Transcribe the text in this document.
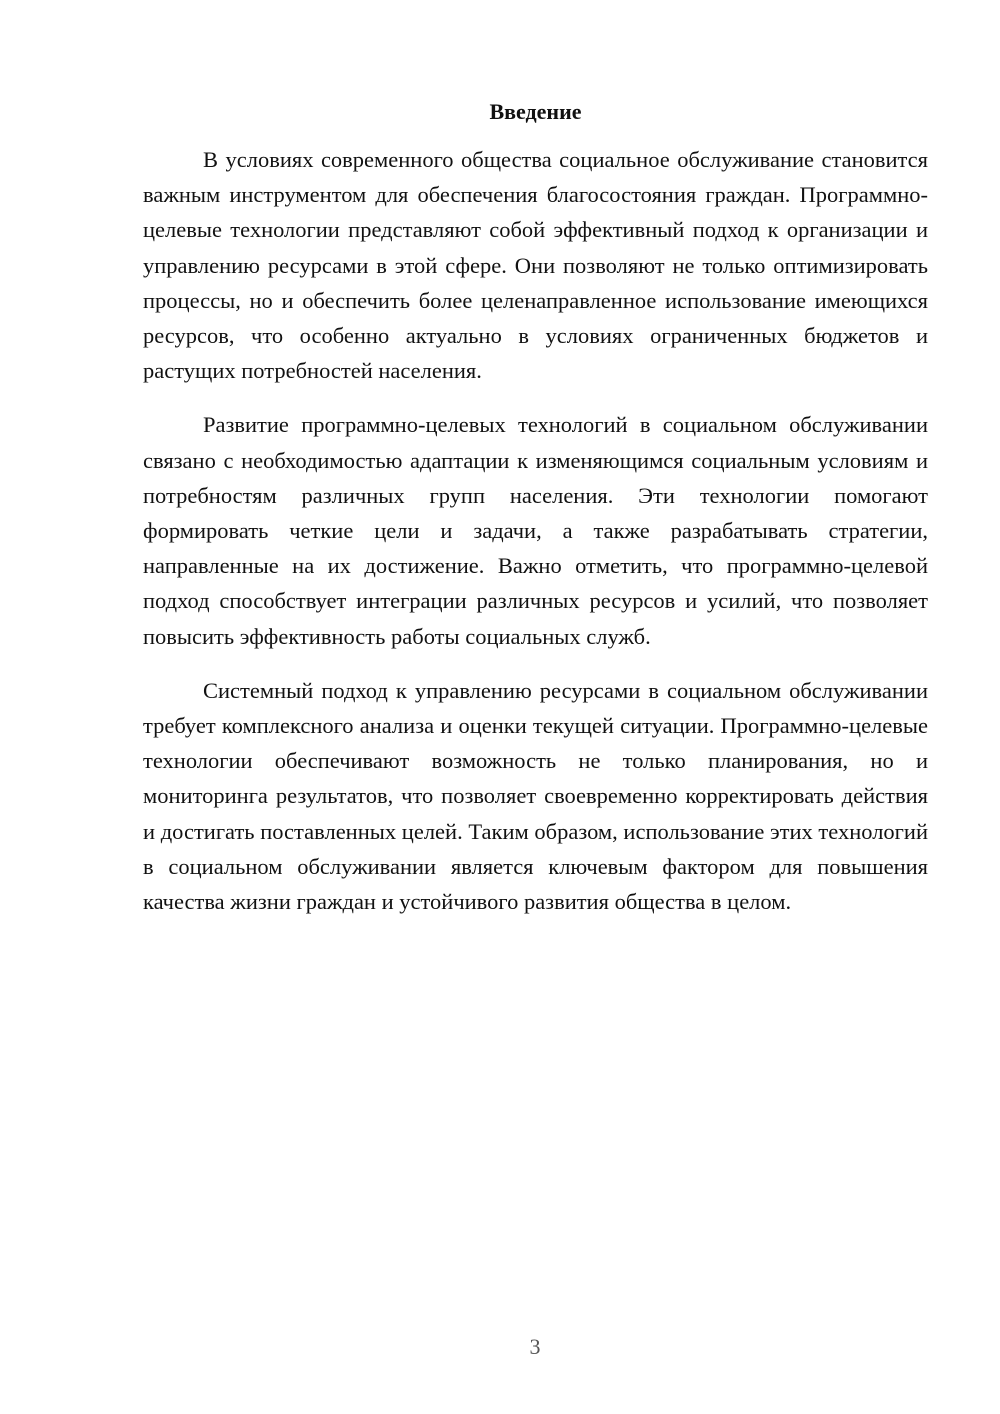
Введение

В условиях современного общества социальное обслуживание становится важным инструментом для обеспечения благосостояния граждан. Программно-целевые технологии представляют собой эффективный подход к организации и управлению ресурсами в этой сфере. Они позволяют не только оптимизировать процессы, но и обеспечить более целенаправленное использование имеющихся ресурсов, что особенно актуально в условиях ограниченных бюджетов и растущих потребностей населения.

Развитие программно-целевых технологий в социальном обслуживании связано с необходимостью адаптации к изменяющимся социальным условиям и потребностям различных групп населения. Эти технологии помогают формировать четкие цели и задачи, а также разрабатывать стратегии, направленные на их достижение. Важно отметить, что программно-целевой подход способствует интеграции различных ресурсов и усилий, что позволяет повысить эффективность работы социальных служб.

Системный подход к управлению ресурсами в социальном обслуживании требует комплексного анализа и оценки текущей ситуации. Программно-целевые технологии обеспечивают возможность не только планирования, но и мониторинга результатов, что позволяет своевременно корректировать действия и достигать поставленных целей. Таким образом, использование этих технологий в социальном обслуживании является ключевым фактором для повышения качества жизни граждан и устойчивого развития общества в целом.

3
